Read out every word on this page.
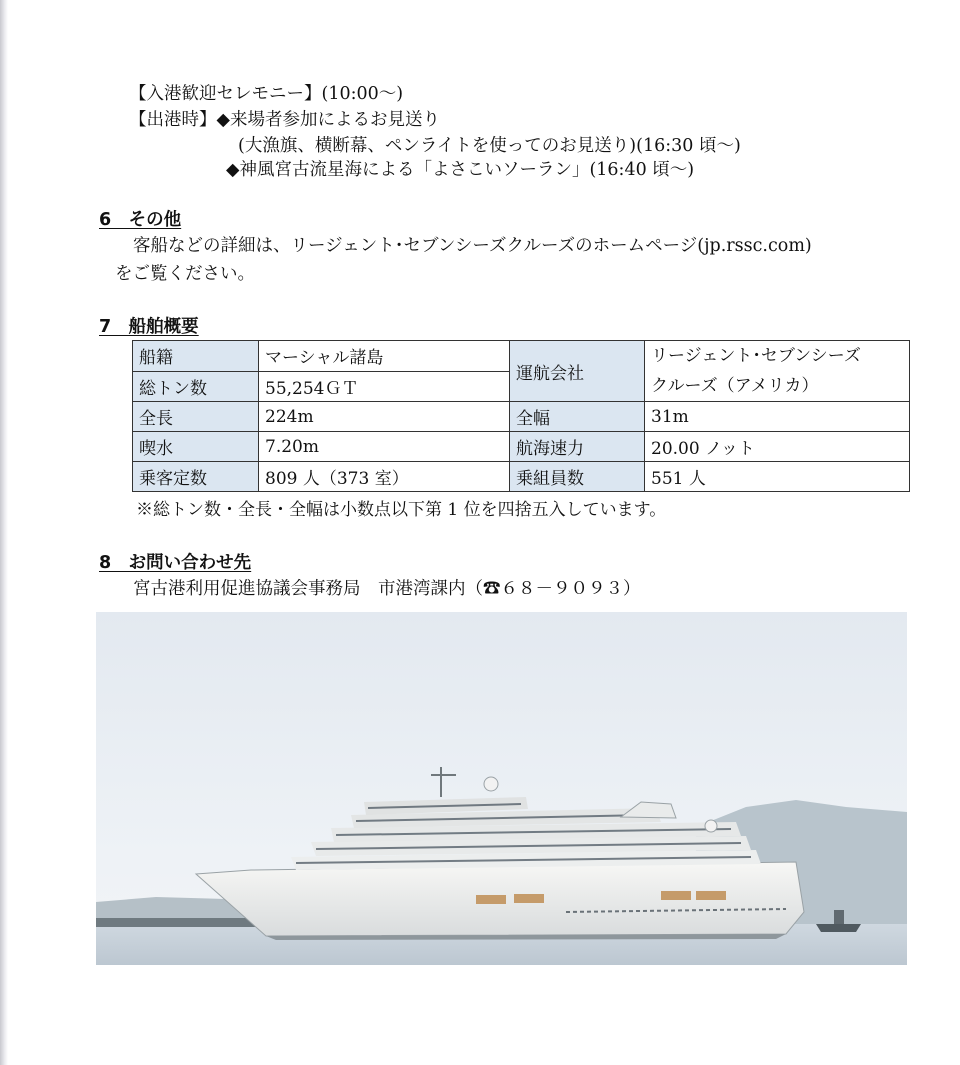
【入港歓迎セレモニー】(10:00～)
【出港時】◆来場者参加によるお見送り
(大漁旗、横断幕、ペンライトを使ってのお見送り)(16:30 頃～)
◆神風宮古流星海による「よさこいソーラン」(16:40 頃～)
6　その他
客船などの詳細は、リージェント･セブンシーズクルーズのホームページ(jp.rssc.com)
をご覧ください。
7　船舶概要
船籍	マーシャル諸島	運航会社	リージェント･セブンシーズ
クルーズ（アメリカ）

総トン数	55,254ＧＴ		
全長	224m	全幅	31m
喫水	7.20m	航海速力	20.00 ノット
乗客定数	809 人（373 室）	乗組員数	551 人
※総トン数・全長・全幅は小数点以下第 1 位を四捨五入しています。
8　お問い合わせ先
宮古港利用促進協議会事務局　市港湾課内（☎６８－９０９３）
